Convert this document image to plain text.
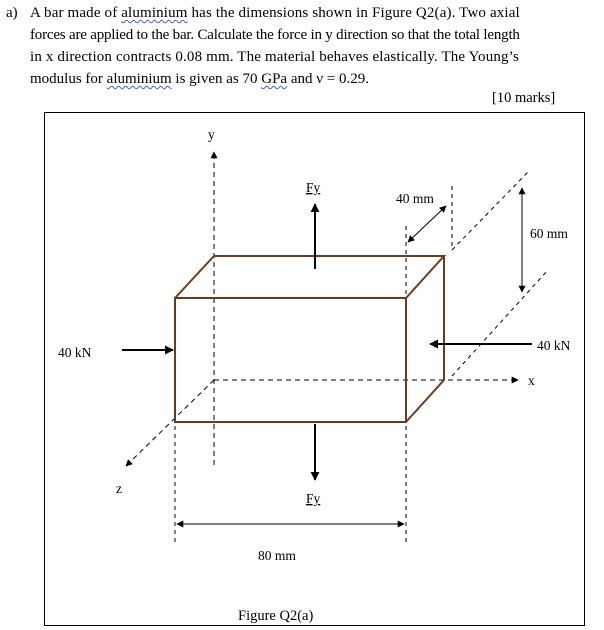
a) A bar made of aluminium has the dimensions shown in Figure Q2(a). Two axial
forces are applied to the bar. Calculate the force in y direction so that the total length
in x direction contracts 0.08 mm. The material behaves elastically. The Young’s
modulus for aluminium is given as 70 GPa and ν = 0.29.
[10 marks]
y
x
z
Fy
Fy
40 kN	40 kN
40 mm
60 mm
80 mm
Figure Q2(a)
